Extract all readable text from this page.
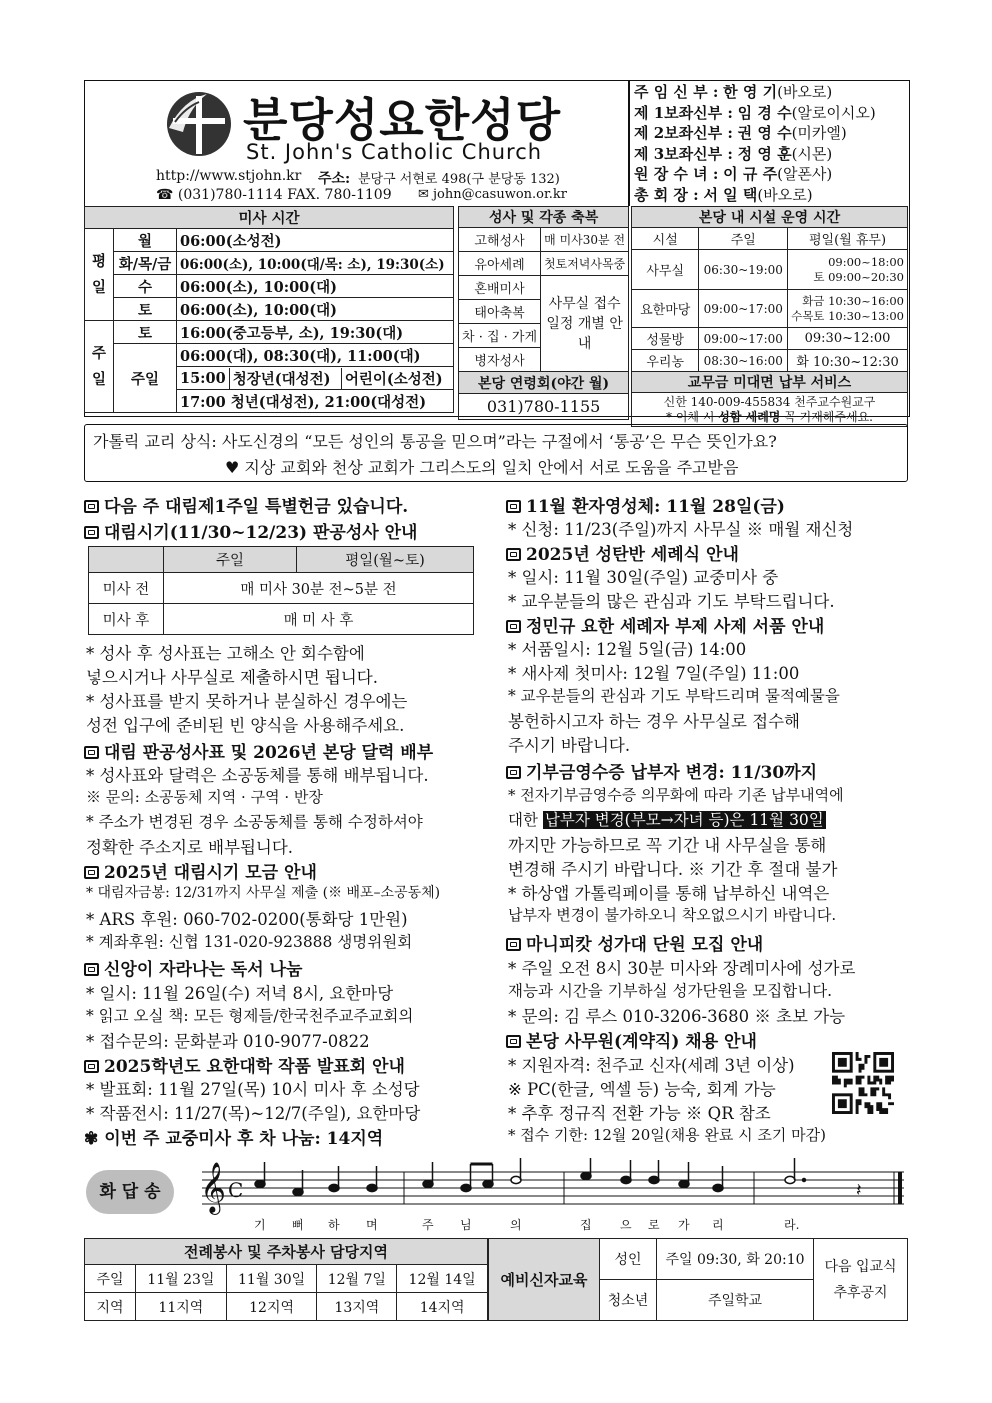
분당성요한성당
St. John's Catholic Church
http://www.stjohn.kr 주소: 분당구 서현로 498(구 분당동 132)
☎ (031)780-1114 FAX. 780-1109 ✉ john@casuwon.or.kr
주 임 신 부 : 한 영 기(바오로)
제 1보좌신부 : 임 경 수(알로이시오)
제 2보좌신부 : 권 영 수(미카엘)
제 3보좌신부 : 정 영 훈(시몬)
원 장 수 녀 : 이 규 주(알폰사)
총 회 장 : 서 일 택(바오로)
미사 시간
평일	월	06:00(소성전)
화/목/금	06:00(소), 10:00(대/목: 소), 19:30(소)
수	06:00(소), 10:00(대)
토	06:00(소), 10:00(대)
주일	토	16:00(중고등부, 소), 19:30(대)
주일	06:00(대), 08:30(대), 11:00(대)

15:00	청장년(대성전)	어린이(소성전)

17:00 청년(대성전), 21:00(대성전)
성사 및 각종 축복	
고해성사	매 미사30분 전
유아세례	첫토저녁사목중
혼배미사	사무실 접수 일정 개별 안내
태아축복	
차 · 집 · 가게	
병자성사	
본당 연령회(야간 월)	
031)780-1155	
본당 내 시설 운영 시간		
시설	주일	평일(월 휴무)
사무실	06:30~19:00	09:00~18:00
토 09:00~20:30

요한마당	09:00~17:00	화금 10:30~16:00
수목토 10:30~13:00

성물방	09:00~17:00	09:30~12:00
우리농	08:30~16:00	화 10:30~12:30
교무금 미대면 납부 서비스		

신한 140-009-455834 천주교수원교구
* 이체 시 성함 세례명 꼭 기재해주세요.		
가톨릭 교리 상식: 사도신경의 “모든 성인의 통공을 믿으며”라는 구절에서 ‘통공’은 무슨 뜻인가요?
♥ 지상 교회와 천상 교회가 그리스도의 일치 안에서 서로 도움을 주고받음
다음 주 대림제1주일 특별헌금 있습니다.
대림시기(11/30~12/23) 판공성사 안내
	주일	평일(월~토)
미사 전	매 미사 30분 전~5분 전	
미사 후	매 미 사 후	
* 성사 후 성사표는 고해소 안 회수함에
넣으시거나 사무실로 제출하시면 됩니다.
* 성사표를 받지 못하거나 분실하신 경우에는
성전 입구에 준비된 빈 양식을 사용해주세요.
대림 판공성사표 및 2026년 본당 달력 배부
* 성사표와 달력은 소공동체를 통해 배부됩니다.
※ 문의: 소공동체 지역 · 구역 · 반장
* 주소가 변경된 경우 소공동체를 통해 수정하셔야
정확한 주소지로 배부됩니다.
2025년 대림시기 모금 안내
* 대림자금봉: 12/31까지 사무실 제출 (※ 배포–소공동체)
* ARS 후원: 060-702-0200(통화당 1만원)
* 계좌후원: 신협 131-020-923888 생명위원회
신앙이 자라나는 독서 나눔
* 일시: 11월 26일(수) 저녁 8시, 요한마당
* 읽고 오실 책: 모든 형제들/한국천주교주교회의
* 접수문의: 문화분과 010-9077-0822
2025학년도 요한대학 작품 발표회 안내
* 발표회: 11월 27일(목) 10시 미사 후 소성당
* 작품전시: 11/27(목)~12/7(주일), 요한마당
✾ 이번 주 교중미사 후 차 나눔: 14지역
11월 환자영성체: 11월 28일(금)
* 신청: 11/23(주일)까지 사무실 ※ 매월 재신청
2025년 성탄반 세례식 안내
* 일시: 11월 30일(주일) 교중미사 중
* 교우분들의 많은 관심과 기도 부탁드립니다.
정민규 요한 세례자 부제 사제 서품 안내
* 서품일시: 12월 5일(금) 14:00
* 새사제 첫미사: 12월 7일(주일) 11:00
* 교우분들의 관심과 기도 부탁드리며 물적예물을
봉헌하시고자 하는 경우 사무실로 접수해
주시기 바랍니다.
기부금영수증 납부자 변경: 11/30까지
* 전자기부금영수증 의무화에 따라 기존 납부내역에
대한 납부자 변경(부모→자녀 등)은 11월 30일
까지만 가능하므로 꼭 기간 내 사무실을 통해
변경해 주시기 바랍니다. ※ 기간 후 절대 불가
* 하상앱 가톨릭페이를 통해 납부하신 내역은
납부자 변경이 불가하오니 착오없으시기 바랍니다.
마니피캇 성가대 단원 모집 안내
* 주일 오전 8시 30분 미사와 장례미사에 성가로
재능과 시간을 기부하실 성가단원을 모집합니다.
* 문의: 김 루스 010-3206-3680 ※ 초보 가능
본당 사무원(계약직) 채용 안내
* 지원자격: 천주교 신자(세례 3년 이상)
※ PC(한글, 엑셀 등) 능숙, 회계 가능
* 추후 정규직 전환 가능 ※ QR 참조
* 접수 기한: 12월 20일(채용 완료 시 조기 마감)
화 답 송 𝄞 C	𝄽
기 뻐 하 며	주 님	의	집 으 로 가 리	라.
전례봉사 및 주차봉사 담당지역				
주일	11월 23일	11월 30일	12월 7일	12월 14일
지역	11지역	12지역	13지역	14지역
예비신자교육	성인	주일 09:30, 화 20:10	다음 입교식
추후공지

	청소년	주일학교	
